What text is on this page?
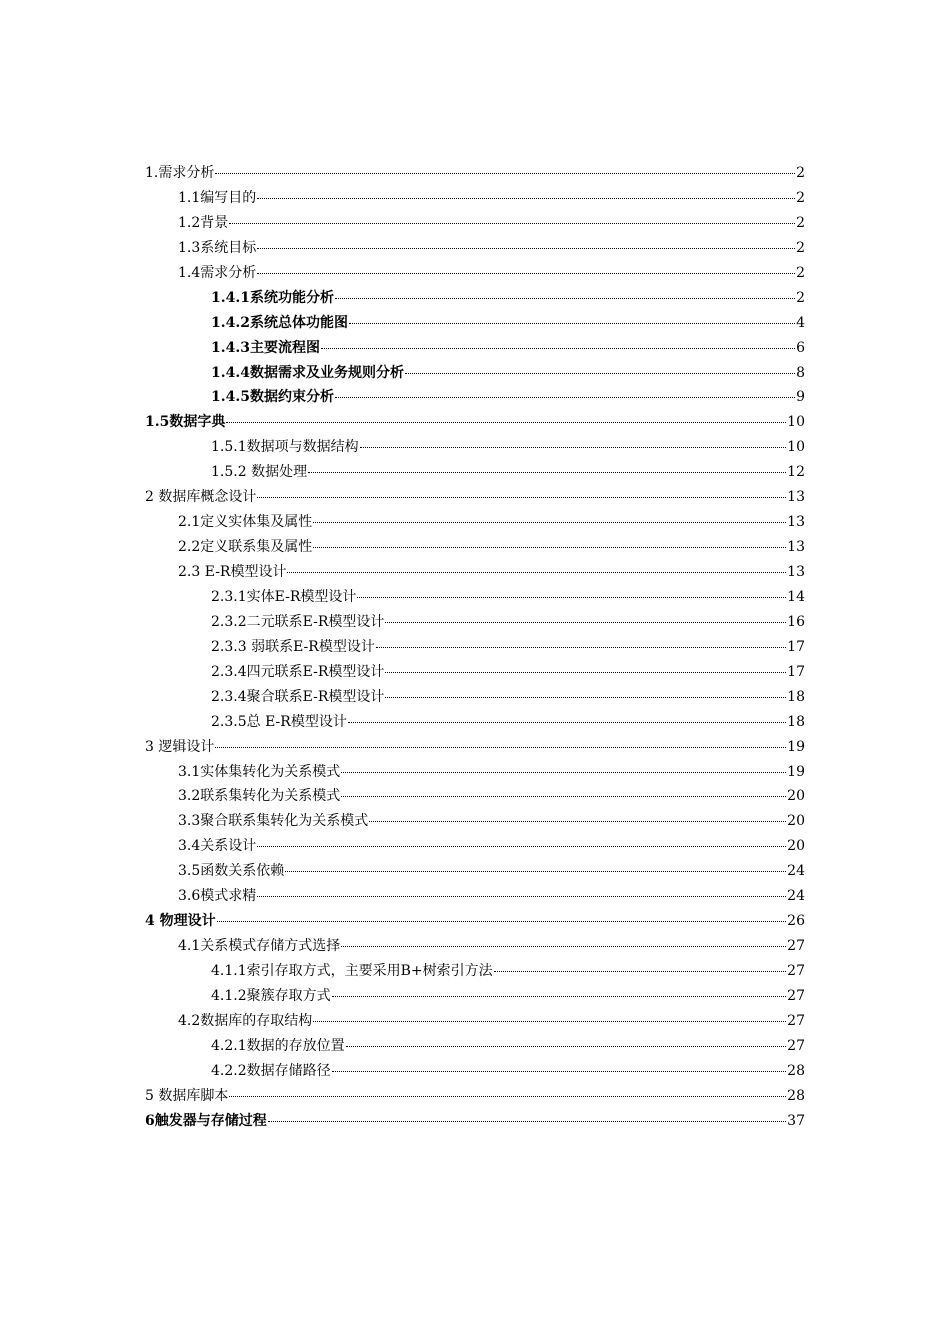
1.需求分析	2
1.1编写目的	2
1.2背景	2
1.3系统目标	2
1.4需求分析	2
1.4.1系统功能分析	2
1.4.2系统总体功能图	4
1.4.3主要流程图	6
1.4.4数据需求及业务规则分析	8
1.4.5数据约束分析	9
1.5数据字典	10
1.5.1数据项与数据结构	10
1.5.2 数据处理	12
2 数据库概念设计	13
2.1定义实体集及属性	13
2.2定义联系集及属性	13
2.3 E-R模型设计	13
2.3.1实体E-R模型设计	14
2.3.2二元联系E-R模型设计	16
2.3.3 弱联系E-R模型设计	17
2.3.4四元联系E-R模型设计	17
2.3.4聚合联系E-R模型设计	18
2.3.5总 E-R模型设计	18
3 逻辑设计	19
3.1实体集转化为关系模式	19
3.2联系集转化为关系模式	20
3.3聚合联系集转化为关系模式	20
3.4关系设计	20
3.5函数关系依赖	24
3.6模式求精	24
4 物理设计	26
4.1关系模式存储方式选择	27
4.1.1索引存取方式，主要采用B+树索引方法	27
4.1.2聚簇存取方式	27
4.2数据库的存取结构	27
4.2.1数据的存放位置	27
4.2.2数据存储路径	28
5 数据库脚本	28
6触发器与存储过程	37
